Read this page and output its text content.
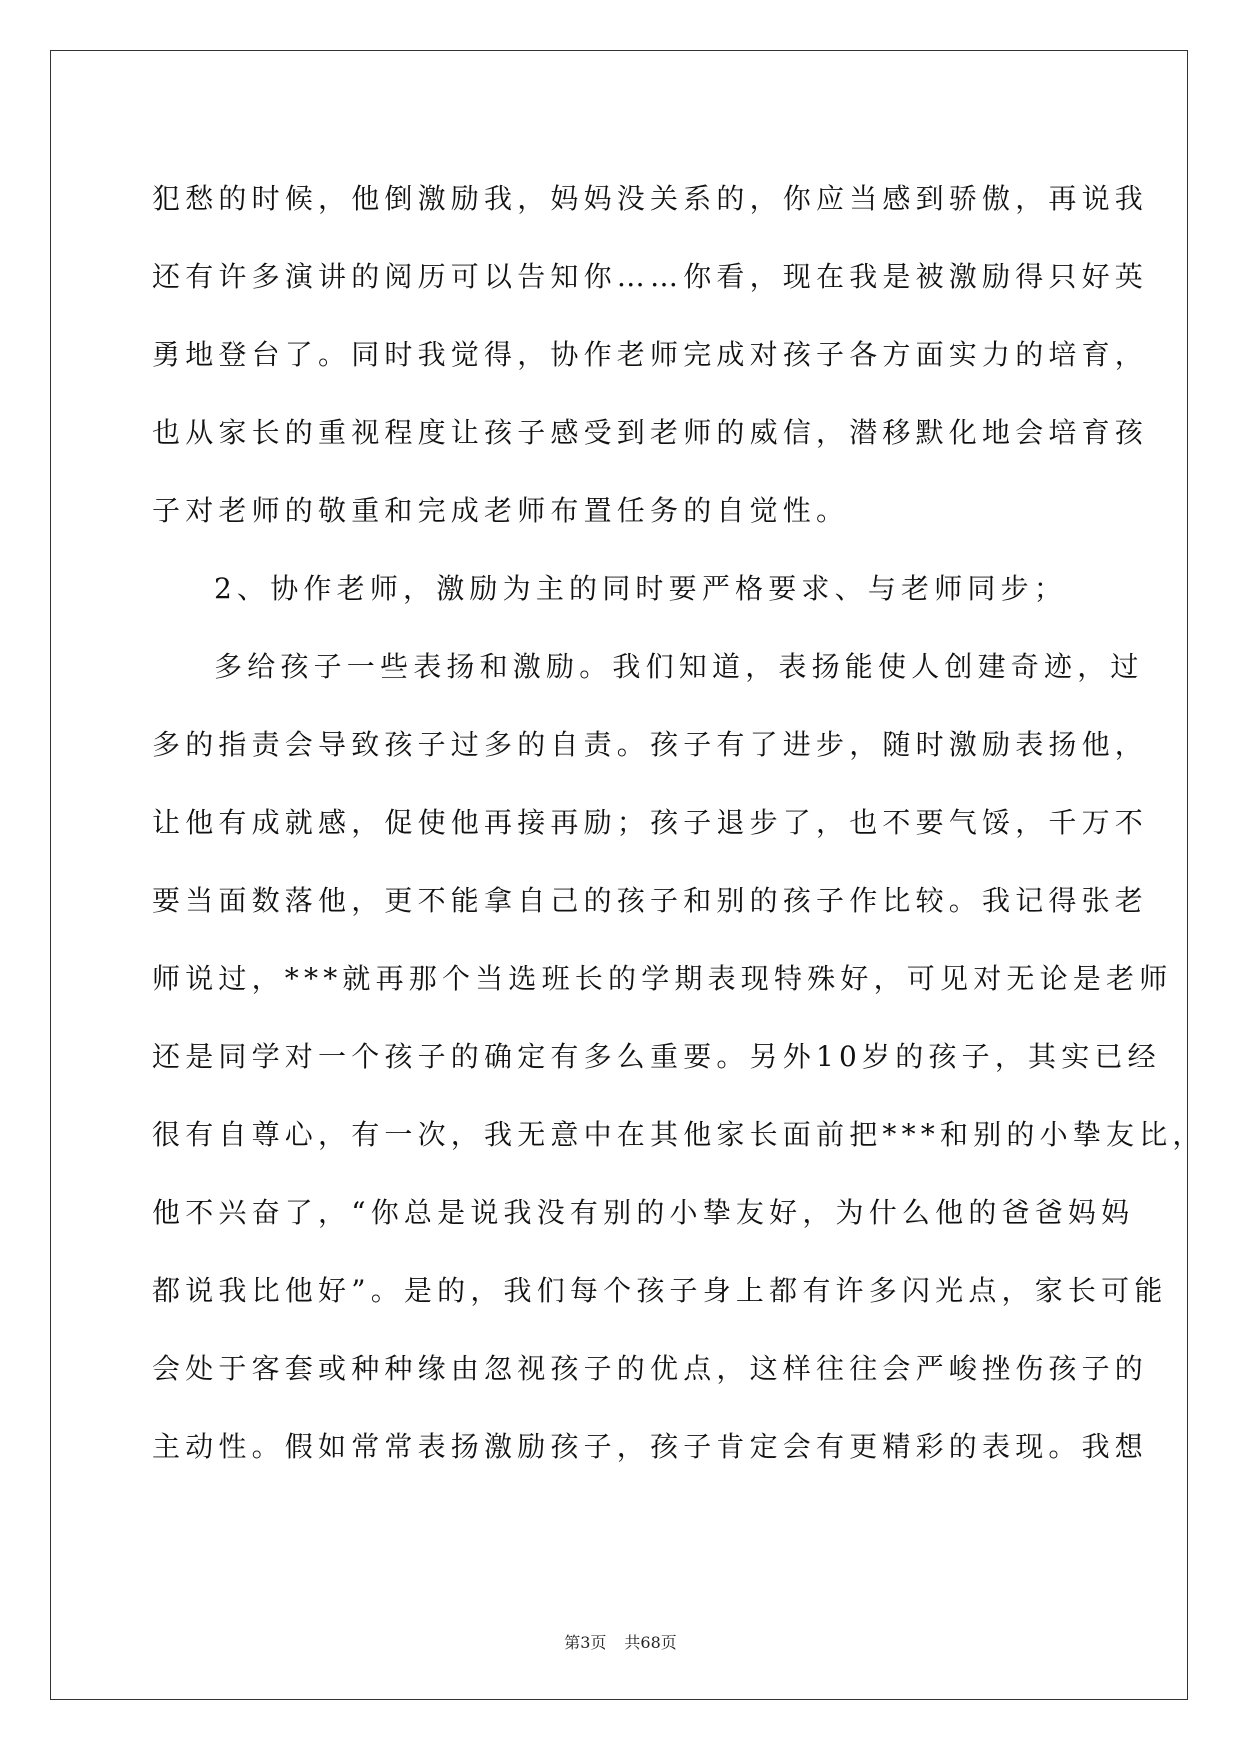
犯愁的时候，他倒激励我，妈妈没关系的，你应当感到骄傲，再说我
还有许多演讲的阅历可以告知你……你看，现在我是被激励得只好英
勇地登台了。同时我觉得，协作老师完成对孩子各方面实力的培育，
也从家长的重视程度让孩子感受到老师的威信，潜移默化地会培育孩
子对老师的敬重和完成老师布置任务的自觉性。
2、协作老师，激励为主的同时要严格要求、与老师同步；
多给孩子一些表扬和激励。我们知道，表扬能使人创建奇迹，过
多的指责会导致孩子过多的自责。孩子有了进步，随时激励表扬他，
让他有成就感，促使他再接再励；孩子退步了，也不要气馁，千万不
要当面数落他，更不能拿自己的孩子和别的孩子作比较。我记得张老
师说过，***就再那个当选班长的学期表现特殊好，可见对无论是老师
还是同学对一个孩子的确定有多么重要。另外10岁的孩子，其实已经
很有自尊心，有一次，我无意中在其他家长面前把***和别的小挚友比，
他不兴奋了，“你总是说我没有别的小挚友好，为什么他的爸爸妈妈
都说我比他好”。是的，我们每个孩子身上都有许多闪光点，家长可能
会处于客套或种种缘由忽视孩子的优点，这样往往会严峻挫伤孩子的
主动性。假如常常表扬激励孩子，孩子肯定会有更精彩的表现。我想
第3页 共68页
